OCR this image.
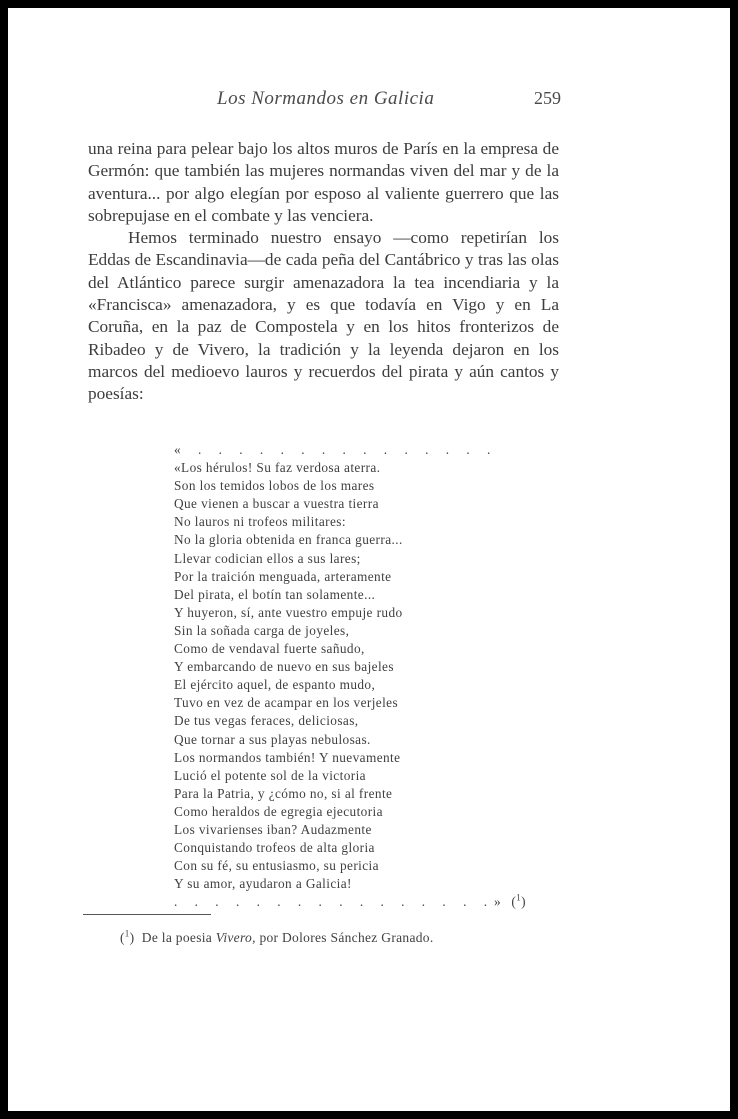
Los Normandos en Galicia	259

una reina para pelear bajo los altos muros de París en la empresa de Germón: que también las mujeres normandas viven del mar y de la aventura... por algo elegían por esposo al valiente guerrero que las sobrepujase en el combate y las venciera.

Hemos terminado nuestro ensayo —como repetirían los Eddas de Escandinavia—de cada peña del Cantábrico y tras las olas del Atlántico parece surgir amenazadora la tea incendiaria y la «Francisca» amenazadora, y es que todavía en Vigo y en La Coruña, en la paz de Compostela y en los hitos fronterizos de Ribadeo y de Vivero, la tradición y la leyenda dejaron en los marcos del medioevo lauros y recuerdos del pirata y aún cantos y poesías:

« . . . . . . . . . . . . . . .
«Los hérulos! Su faz verdosa aterra.
Son los temidos lobos de los mares
Que vienen a buscar a vuestra tierra
No lauros ni trofeos militares:
No la gloria obtenida en franca guerra...
Llevar codician ellos a sus lares;
Por la traición menguada, arteramente
Del pirata, el botín tan solamente...
Y huyeron, sí, ante vuestro empuje rudo
Sin la soñada carga de joyeles,
Como de vendaval fuerte sañudo,
Y embarcando de nuevo en sus bajeles
El ejército aquel, de espanto mudo,
Tuvo en vez de acampar en los verjeles
De tus vegas feraces, deliciosas,
Que tornar a sus playas nebulosas.
Los normandos también! Y nuevamente
Lució el potente sol de la victoria
Para la Patria, y ¿cómo no, si al frente
Como heraldos de egregia ejecutoria
Los vivarienses iban? Audazmente
Conquistando trofeos de alta gloria
Con su fé, su entusiasmo, su pericia
Y su amor, ayudaron a Galicia!
. . . . . . . . . . . . . . . .» ($^1$)
($^1$)  De la poesia Vivero, por Dolores Sánchez Granado.
